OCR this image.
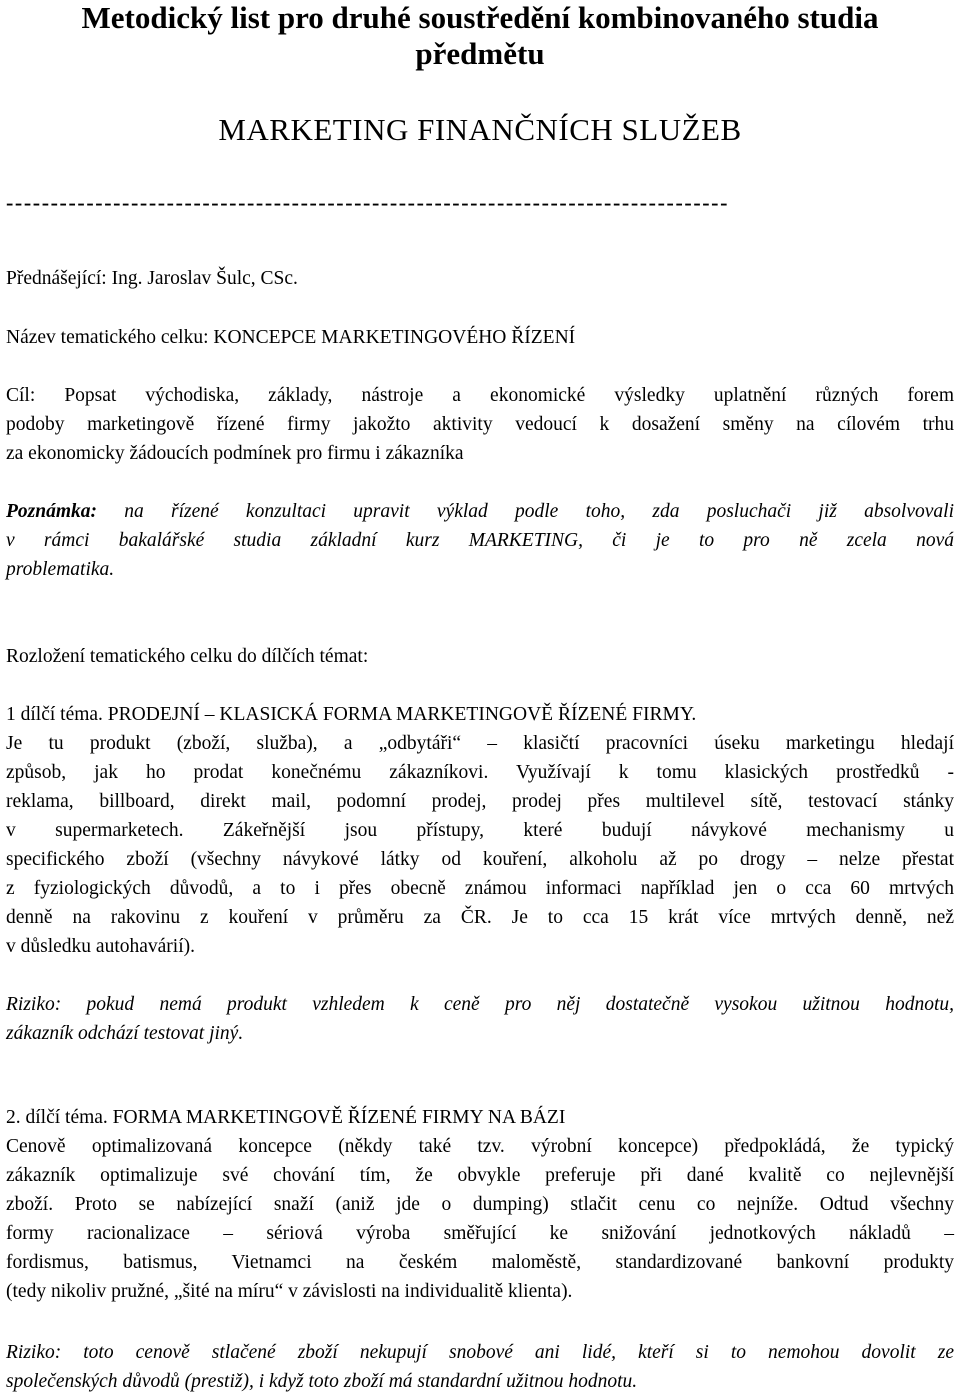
Metodický list pro druhé soustředění kombinovaného studia
předmětu
MARKETING FINANČNÍCH SLUŽEB
---------------------------------------------------------------------------------
Přednášející: Ing. Jaroslav Šulc, CSc.
Název tematického celku: KONCEPCE MARKETINGOVÉHO ŘÍZENÍ
Cíl: Popsat východiska, základy, nástroje a ekonomické výsledky uplatnění různých forem
podoby marketingově řízené firmy jakožto aktivity vedoucí k dosažení směny na cílovém trhu
za ekonomicky žádoucích podmínek pro firmu i zákazníka
Poznámka: na řízené konzultaci upravit výklad podle toho, zda posluchači již absolvovali
v rámci bakalářské studia základní kurz MARKETING, či je to pro ně zcela nová
problematika.
Rozložení tematického celku do dílčích témat:
1 dílčí téma. PRODEJNÍ – KLASICKÁ FORMA MARKETINGOVĚ ŘÍZENÉ FIRMY.
Je tu produkt (zboží, služba), a „odbytáři“ – klasičtí pracovníci úseku marketingu hledají
způsob, jak ho prodat konečnému zákazníkovi. Využívají k tomu klasických prostředků -
reklama, billboard, direkt mail, podomní prodej, prodej přes multilevel sítě, testovací stánky
v supermarketech. Zákeřnější jsou přístupy, které budují návykové mechanismy u
specifického zboží (všechny návykové látky od kouření, alkoholu až po drogy – nelze přestat
z fyziologických důvodů, a to i přes obecně známou informaci například jen o cca 60 mrtvých
denně na rakovinu z kouření v průměru za ČR. Je to cca 15 krát více mrtvých denně, než
v důsledku autohavárií).
Riziko: pokud nemá produkt vzhledem k ceně pro něj dostatečně vysokou užitnou hodnotu,
zákazník odchází testovat jiný.
2. dílčí téma. FORMA MARKETINGOVĚ ŘÍZENÉ FIRMY NA BÁZI
Cenově optimalizovaná koncepce (někdy také tzv. výrobní koncepce) předpokládá, že typický
zákazník optimalizuje své chování tím, že obvykle preferuje při dané kvalitě co nejlevnější
zboží. Proto se nabízející snaží (aniž jde o dumping) stlačit cenu co nejníže. Odtud všechny
formy racionalizace – sériová výroba směřující ke snižování jednotkových nákladů –
fordismus, batismus, Vietnamci na českém maloměstě, standardizované bankovní produkty
(tedy nikoliv pružné, „šité na míru“ v závislosti na individualitě klienta).
Riziko: toto cenově stlačené zboží nekupují snobové ani lidé, kteří si to nemohou dovolit ze
společenských důvodů (prestiž), i když toto zboží má standardní užitnou hodnotu.
